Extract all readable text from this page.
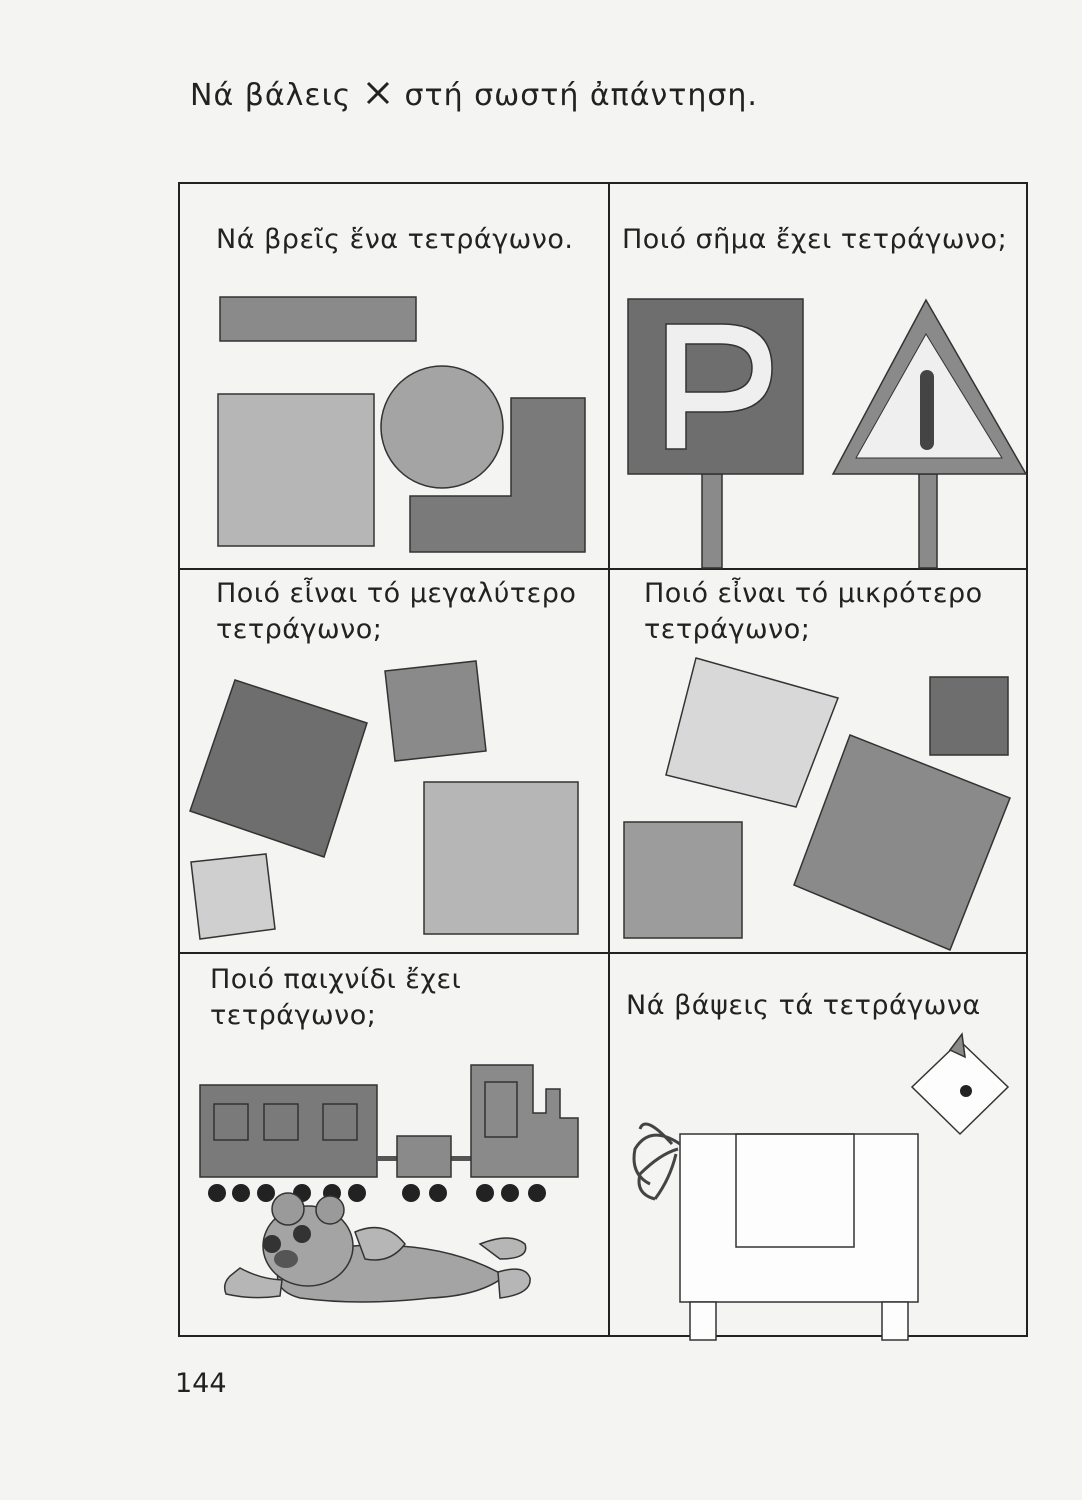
Νά βάλεις στή σωστή ἀπάντηση.
Νά βρεῖς ἕνα τετράγωνο. Ποιό σῆμα ἔχει τετράγωνο;
Ποιό εἶναι τό μεγαλύτερο
τετράγωνο;
Ποιό εἶναι τό μικρότερο
τετράγωνο;
Ποιό παιχνίδι ἔχει
τετράγωνο;	Νά βάψεις τά τετράγωνα
144
